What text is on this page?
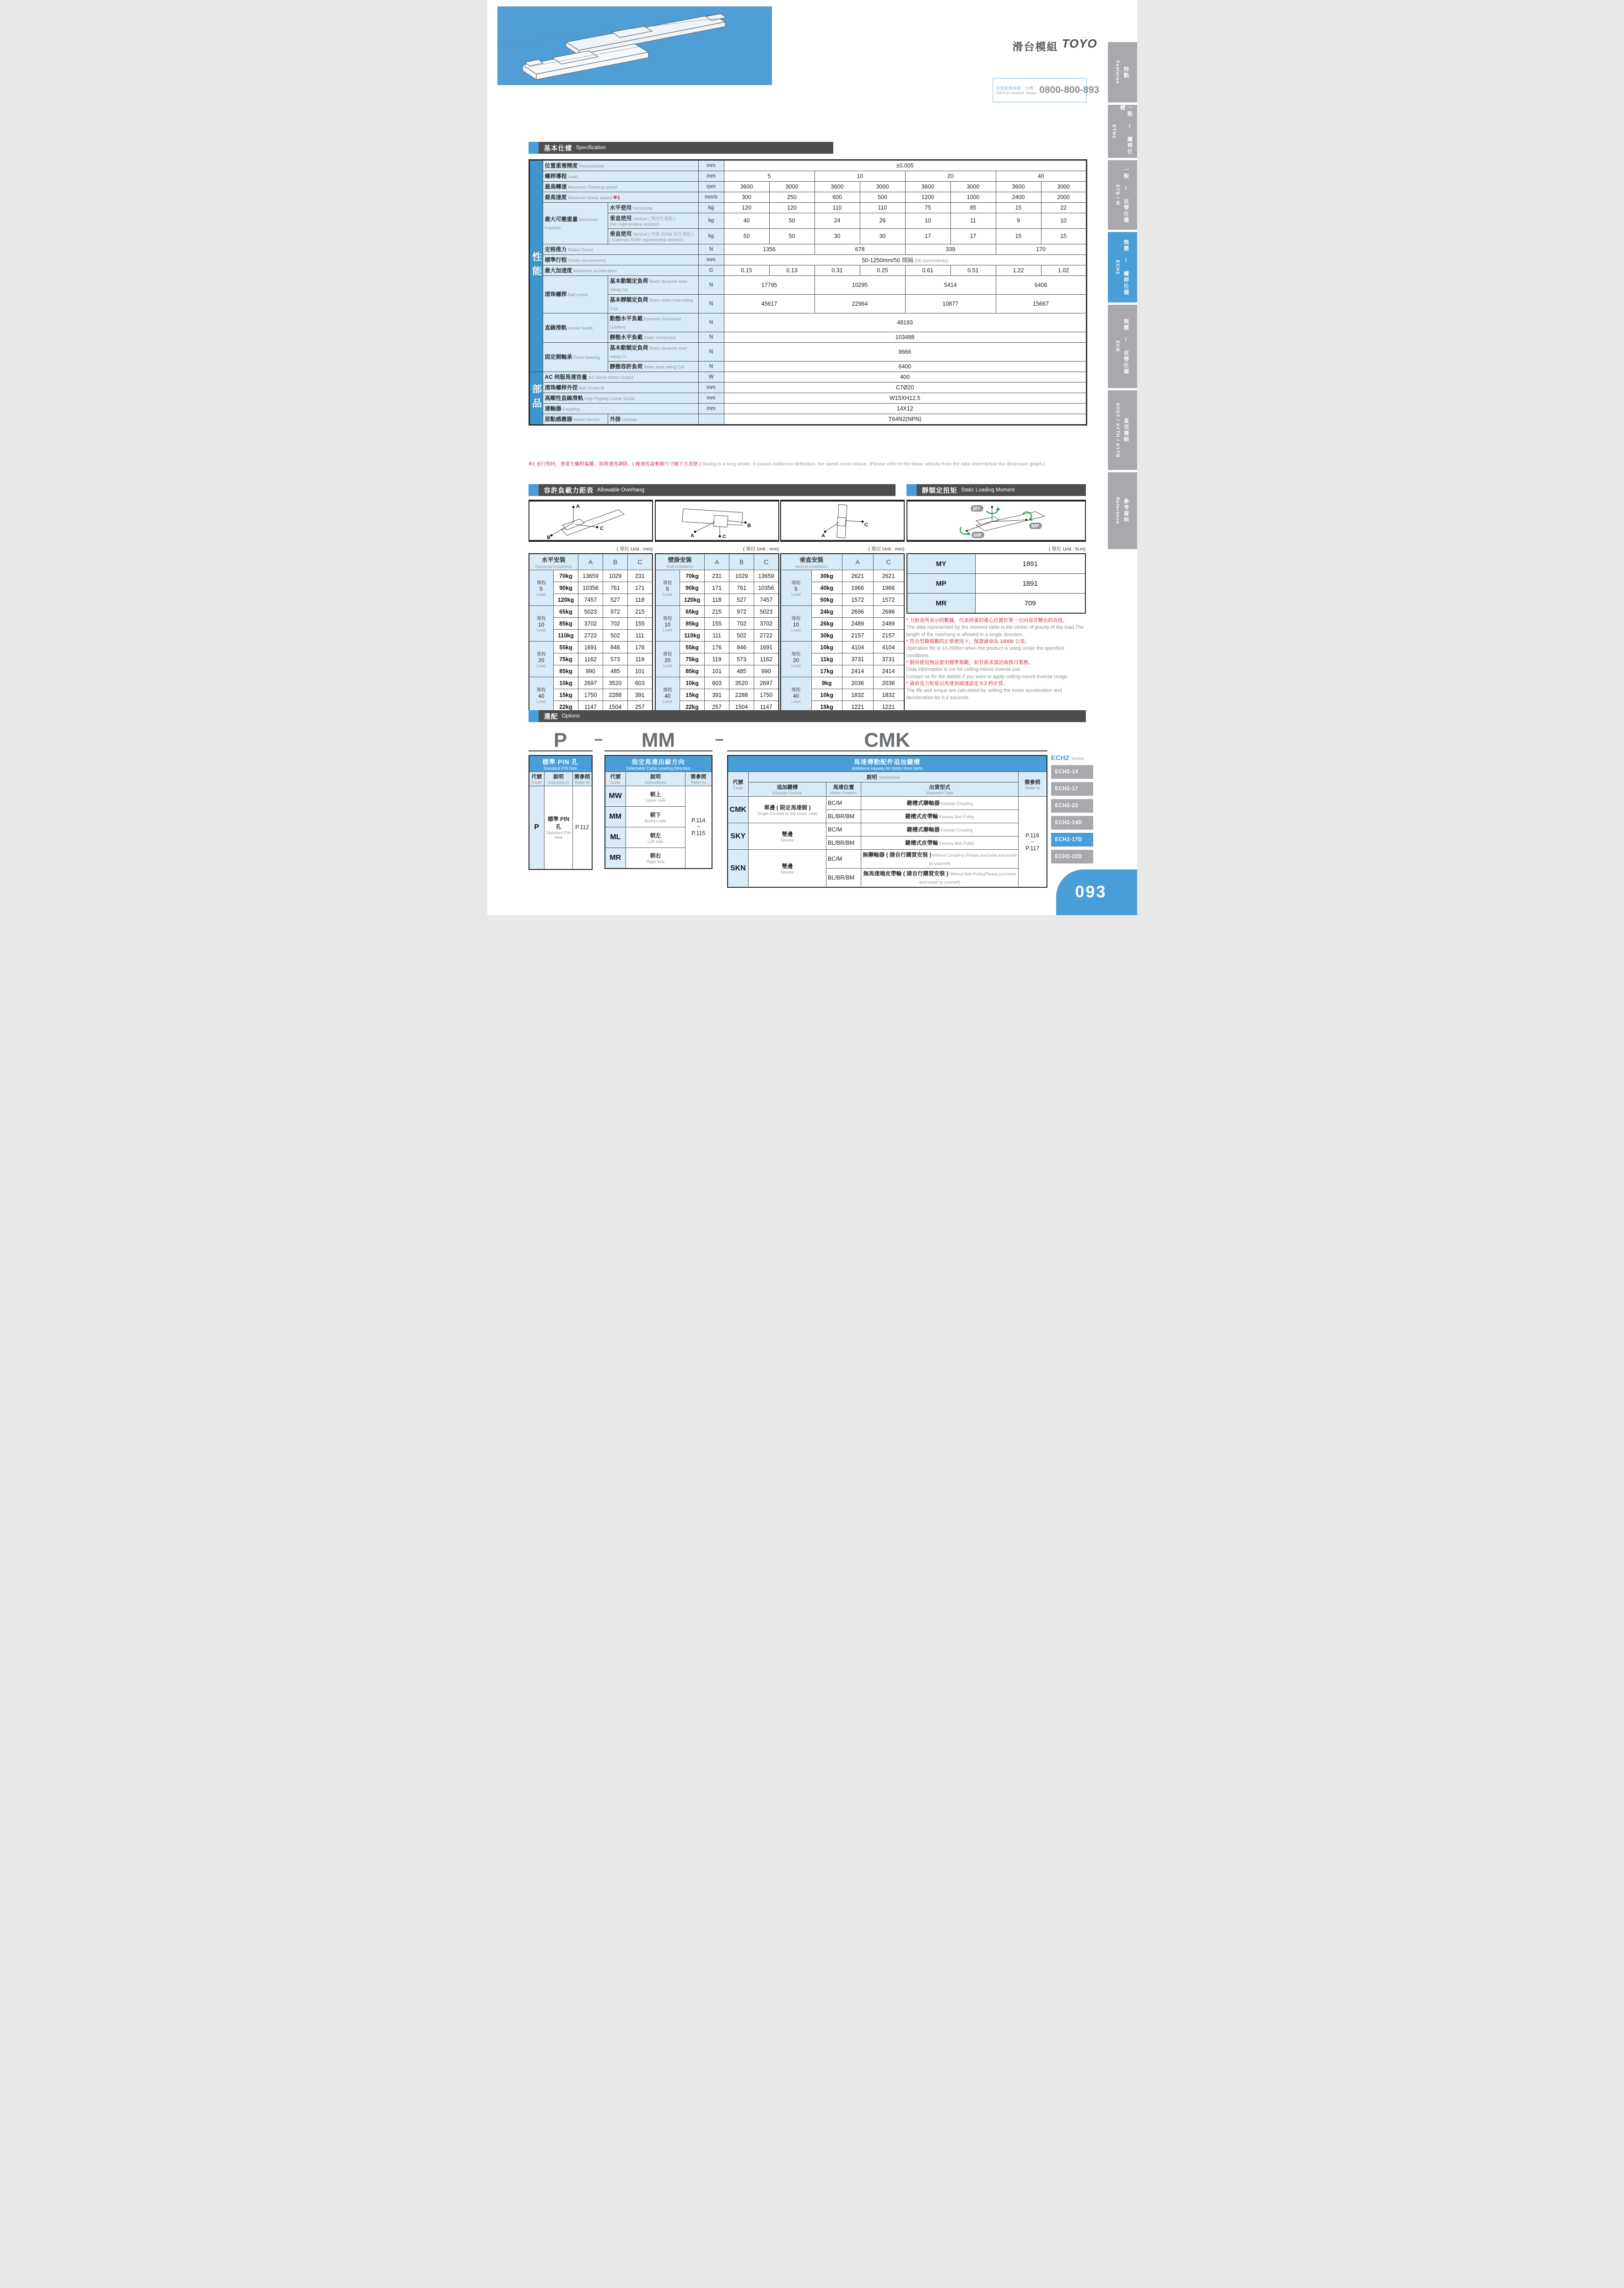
滑台模組 TOYO
免費服務專線：台灣
Toll-Free Number Taiwan 0800-800-893
Features 特點
ETH2	一般 / 螺桿仕樣
ETB / M 一般 / 皮帶仕樣
ECH2 無塵 / 螺桿仕樣
ECB 無塵 / 皮帶仕樣
XYGT / XYTH / XYTB 直交連結
Reference 參考資料
基本仕樣 Specification
性能	位置重複精度 Repeatability		mm	±0.005							
	螺桿導程 Lead		mm	5		10		20		40	
	最高轉速 Maximum Rotating speed		rpm	3600	3000	3600	3000	3600	3000	3600	3000
	最高速度 Maximum linear speed ※1		mm/s	300	250	600	500	1200	1000	2400	2000
	最大可搬重量 Maximum Payload	水平使用 Horizontal	kg	120	120	110	110	75	85	15	22
		垂直使用 Vertical ( 無回生電阻 )
(No regenerative resistor)	kg	40	50	24	26	10	11	9	10
		垂直使用 Vertical ( 外掛 200W 回生電阻 )
( External 200W regenerative resistor)	kg	50	50	30	30	17	17	15	15
	定格推力 Rated Thrust		N	1356		678		339		170	
	標準行程 Stroke (increments)		mm	50-1250mm/50 間隔 (50 increments)							
	最大加速度 Maximum acceleration		G	0.15	0.13	0.31	0.25	0.61	0.51	1.22	1.02
	滾珠螺桿 Ball screw	基本動額定負荷 Basic dynamic load rating Ca	N	17795		10295		5414		6406	
		基本靜額定負荷 Basic static load rating Coa	N	45617		22964		10877		15667	
	直線滑軌 Linear Guide	動態水平負載 Dynamic horizontal (100km)	N	48193							
		靜態水平負載 Static Horizontal	N	103488							
	固定側軸承 Fixed bearing	基本動額定負荷 Basic dynamic load rating Cr	N	9666							
		靜態容許負荷 Static load rating Cor	N	6400							
部品	AC 伺服馬達容量 AC Servo Motor Output		W	400							
	滾珠螺桿外徑 Ball Screw Ø		mm	C7Ø20							
	高剛性直線滑軌 High Rigidity Linear Guide		mm	W15XH12.5							
	連軸器 Coupling		mm	14X12							
	原點感應器 Home Sensor	外掛 Outside		T64N2(NPN)							
※1 長行程時，會產生螺桿偏擺，需將速度調降。( 線速度請參閱尺寸圖下方表格 ) During in a long stroke, it causes ballscrew deflection, the speed must reduce. (Please refer to the linear velocity from the data sheet below the dimension graph.)
容許負載力距表 Allowable Overhang	靜額定扭矩 Static Loading Moment
A
B
C
A
B
C	A
C
MY
MP
MR
( 單位 Unit : mm)
水平安裝
Horizontal Installation		A	B	C

導程
5
Lead	70kg	13659	1029	231
	90kg	10356	761	171
	120kg	7457	527	118

導程
10
Lead	65kg	5023	972	215
	85kg	3702	702	155
	110kg	2722	502	111

導程
20
Lead	55kg	1691	846	176
	75kg	1162	573	119
	85kg	990	485	101

導程
40
Lead	10kg	2697	3520	603
	15kg	1750	2288	391
	22kg	1147	1504	257
( 單位 Unit : mm)
壁掛安裝
Wall Installation		A	B	C

導程
5
Lead	70kg	231	1029	13659
	90kg	171	761	10356
	120kg	118	527	7457

導程
10
Lead	65kg	215	972	5023
	85kg	155	702	3702
	110kg	111	502	2722

導程
20
Lead	55kg	176	846	1691
	75kg	119	573	1162
	85kg	101	485	990

導程
40
Lead	10kg	603	3520	2697
	15kg	391	2288	1750
	22kg	257	1504	1147
( 單位 Unit : mm)
垂直安裝
Vertical Installation		A	C

導程
5
Lead	30kg	2621	2621
	40kg	1966	1966
	50kg	1572	1572

導程
10
Lead	24kg	2696	2696
	26kg	2489	2489
	30kg	2157	2157

導程
20
Lead	10kg	4104	4104
	11kg	3731	3731
	17kg	2414	2414

導程
40
Lead	9kg	2036	2036
	10kg	1832	1832
	15kg	1221	1221
( 單位 Unit : N.m)
MY	1891
MP	1891
MR	709
* 力矩表所表示的數據，代表荷重的重心位置於單一方向容許懸出的長度。
The data represented by the moment table is the center of gravity of the load.The length of the overhang is allowed in a single direction.
* 符合型錄規範的正常使用下，保證壽命為 10000 公里。
Operation life is 10,000km when the product is using under the specified conditions.
* 倒吊使用無法套用標準規範，如有需求請洽詢我司業務。
Data information is not for ceiling-mount inverse use.
Contact us for the details if you want to apply ceiling-mount inverse usage.
* 壽命及力矩是以馬達加減速設定 0.2 秒計算。
The life and torque are calculated by setting the motor acceleration and deceleration for 0.2 seconds.
選配 Options
P – MM	–	CMK
標準 PIN 孔
Standard PIN hole		

代號
Code	說明
Instructions	需參照
Refer to

P	標準 PIN 孔
Standard PIN hole	P.112
指定馬達出線方向
Selectable Cable Leading Direction		

代號
Code	說明
Instructions	需參照
Refer to

MW	朝上
Upper side

P.114
~
P.115

MM	朝下
Bottom side	

ML	朝左
Left side	

MR	朝右
Right side	
馬達傳動配件追加鍵槽
Additional keyway for motor drive parts				

代號
Code	說明 Instructions			需參照
Refer to

	追加鍵槽
Keyway Groove	馬達位置
Motor Position	出貨型式
Shipment Type	

CMK	單邊 ( 限定馬達側 )
Single (Limited to the motor side)
	BC/M	鍵槽式聯軸器 Keyway Coupling	
P.116
~
P.117

		BL/BR/BM	鍵槽式皮帶輪 Keyway Belt Pulley	
SKY	雙邊
Double	BC/M	鍵槽式聯軸器 Keyway Coupling	
		BL/BR/BM	鍵槽式皮帶輪 Keyway Belt Pulley	
SKN	雙邊
Double	BC/M	無聯軸器 ( 請自行購買安裝 ) Without Coupling (Please purchase and install by yourself)	
		BL/BR/BM	無馬達端皮帶輪 ( 請自行購買安裝 ) Without Belt Pulley(Please purchase and install by yourself)	
ECH2 Series
ECH2-14
ECH2-17
ECH2-22
ECH2-14D
ECH2-17D
ECH2-22D
093
